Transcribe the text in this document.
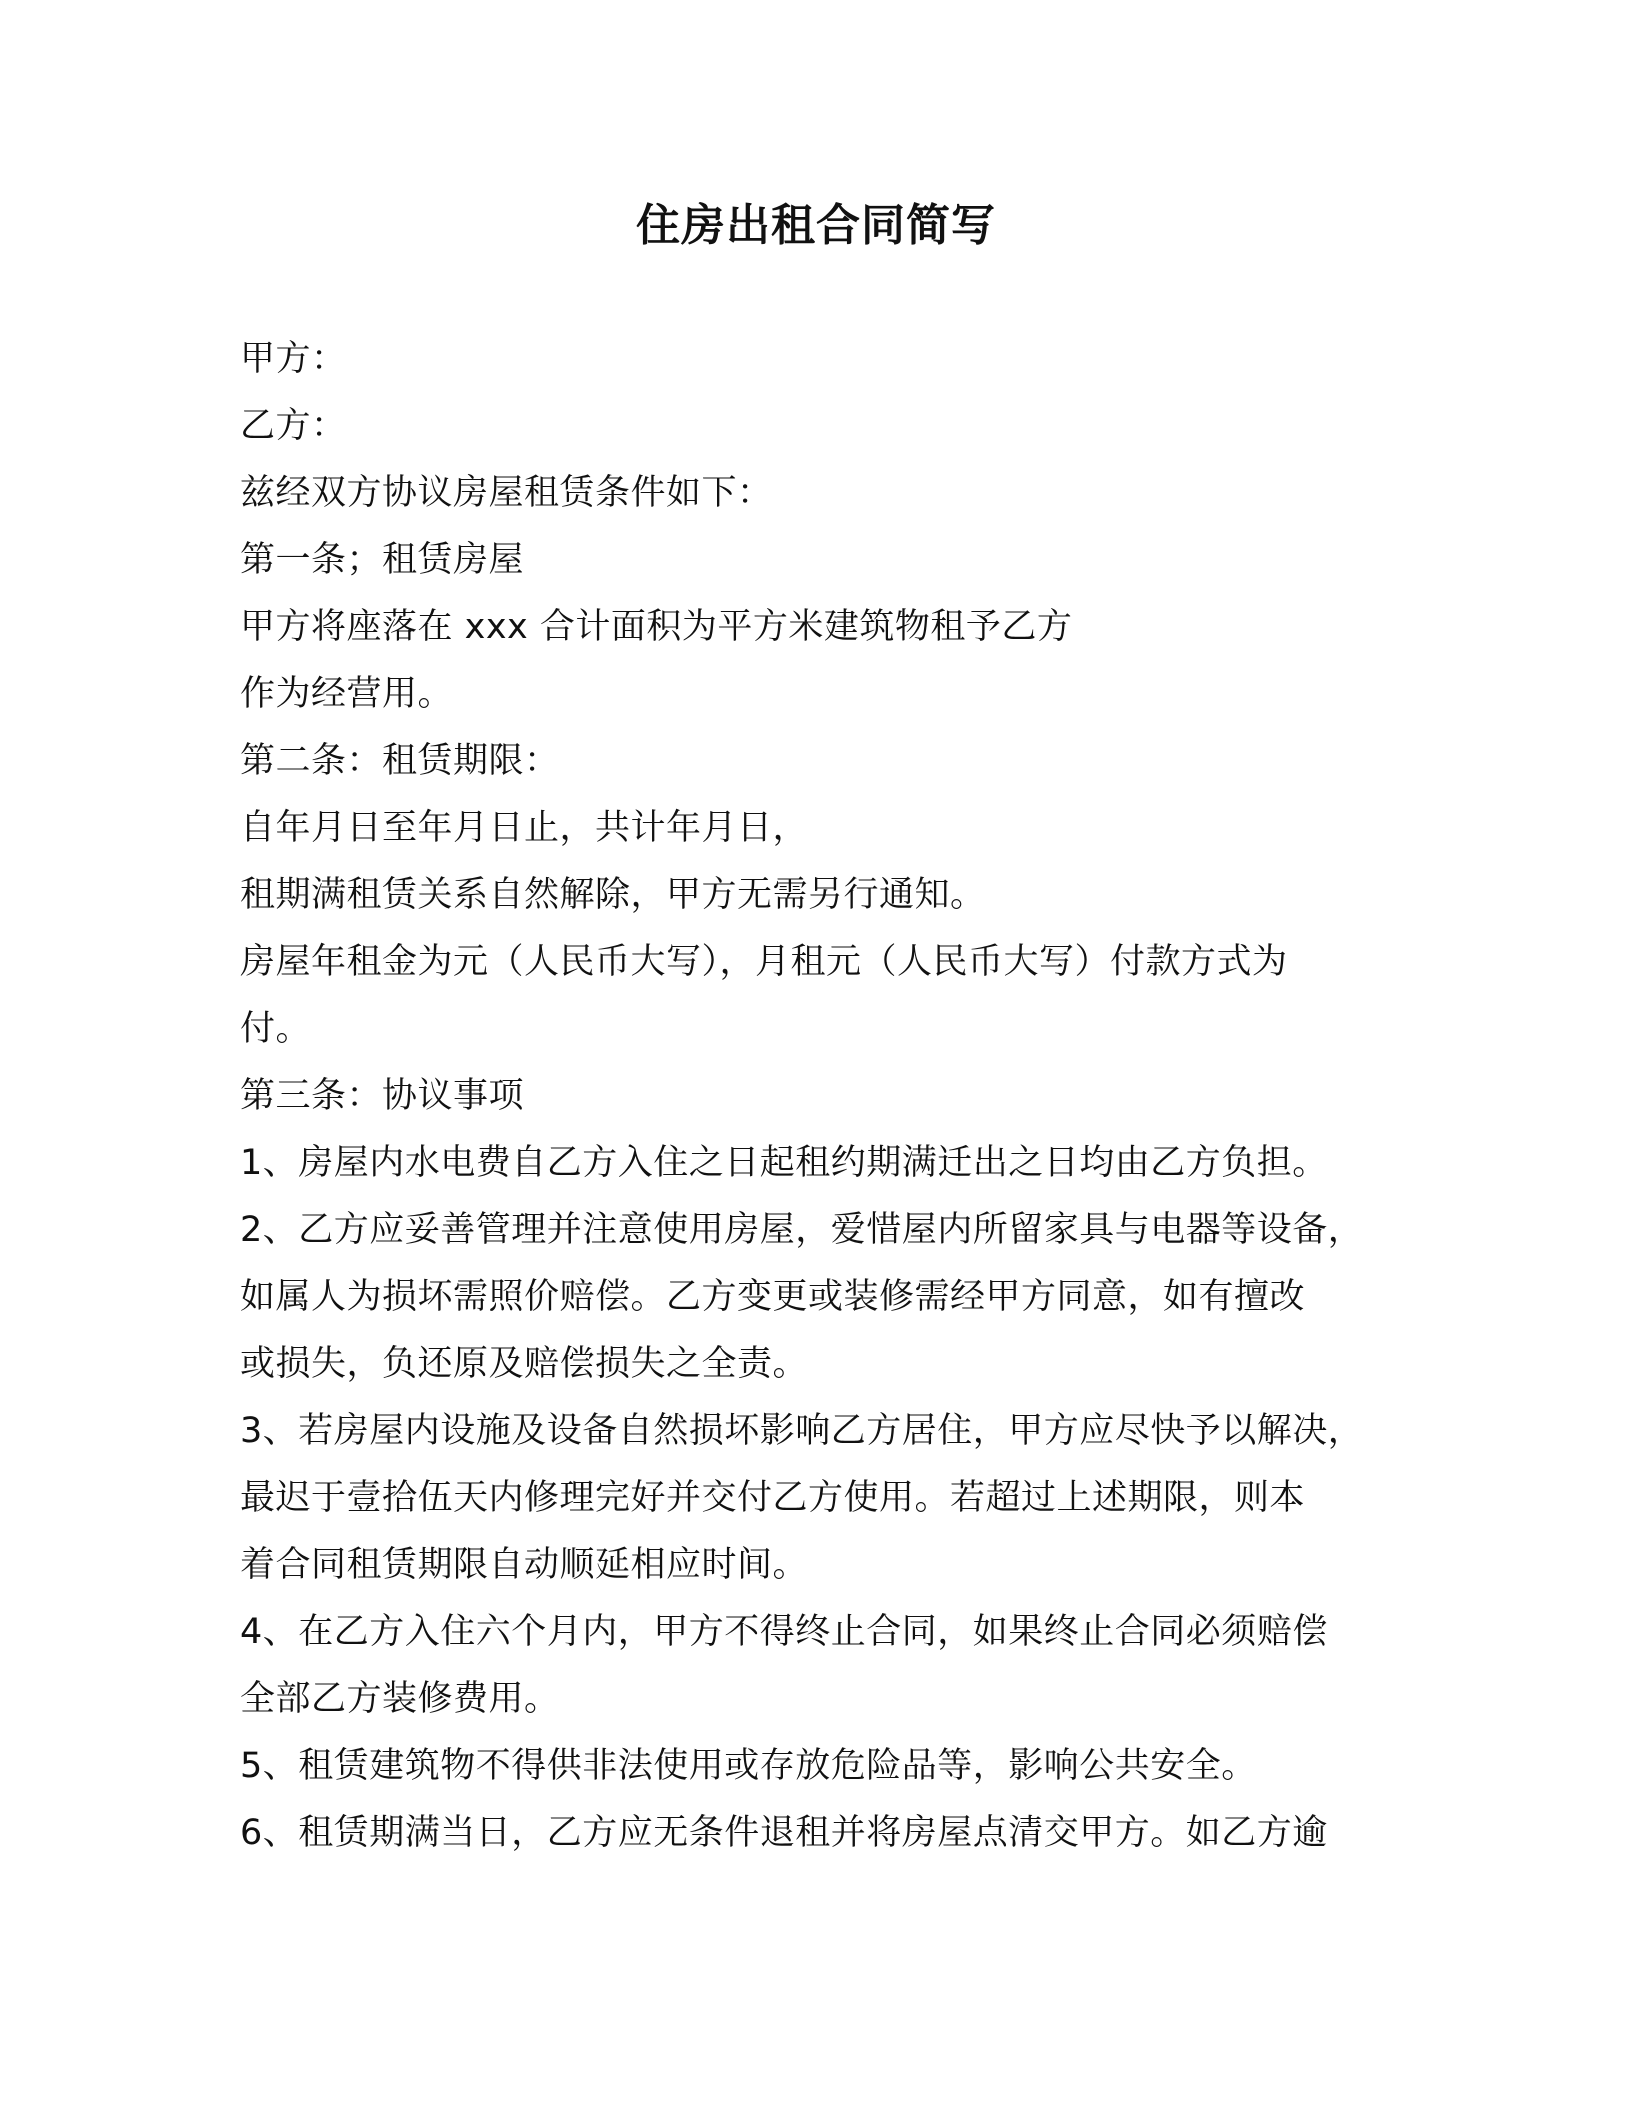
住房出租合同简写
甲方：
乙方：
兹经双方协议房屋租赁条件如下：
第一条；租赁房屋
甲方将座落在 xxx 合计面积为平方米建筑物租予乙方
作为经营用。
第二条：租赁期限：
自年月日至年月日止，共计年月日，
租期满租赁关系自然解除，甲方无需另行通知。
房屋年租金为元（人民币大写），月租元（人民币大写）付款方式为
付。
第三条：协议事项
1、房屋内水电费自乙方入住之日起租约期满迁出之日均由乙方负担。
2、乙方应妥善管理并注意使用房屋，爱惜屋内所留家具与电器等设备，
如属人为损坏需照价赔偿。乙方变更或装修需经甲方同意，如有擅改
或损失，负还原及赔偿损失之全责。
3、若房屋内设施及设备自然损坏影响乙方居住，甲方应尽快予以解决，
最迟于壹拾伍天内修理完好并交付乙方使用。若超过上述期限，则本
着合同租赁期限自动顺延相应时间。
4、在乙方入住六个月内，甲方不得终止合同，如果终止合同必须赔偿
全部乙方装修费用。
5、租赁建筑物不得供非法使用或存放危险品等，影响公共安全。
6、租赁期满当日，乙方应无条件退租并将房屋点清交甲方。如乙方逾
